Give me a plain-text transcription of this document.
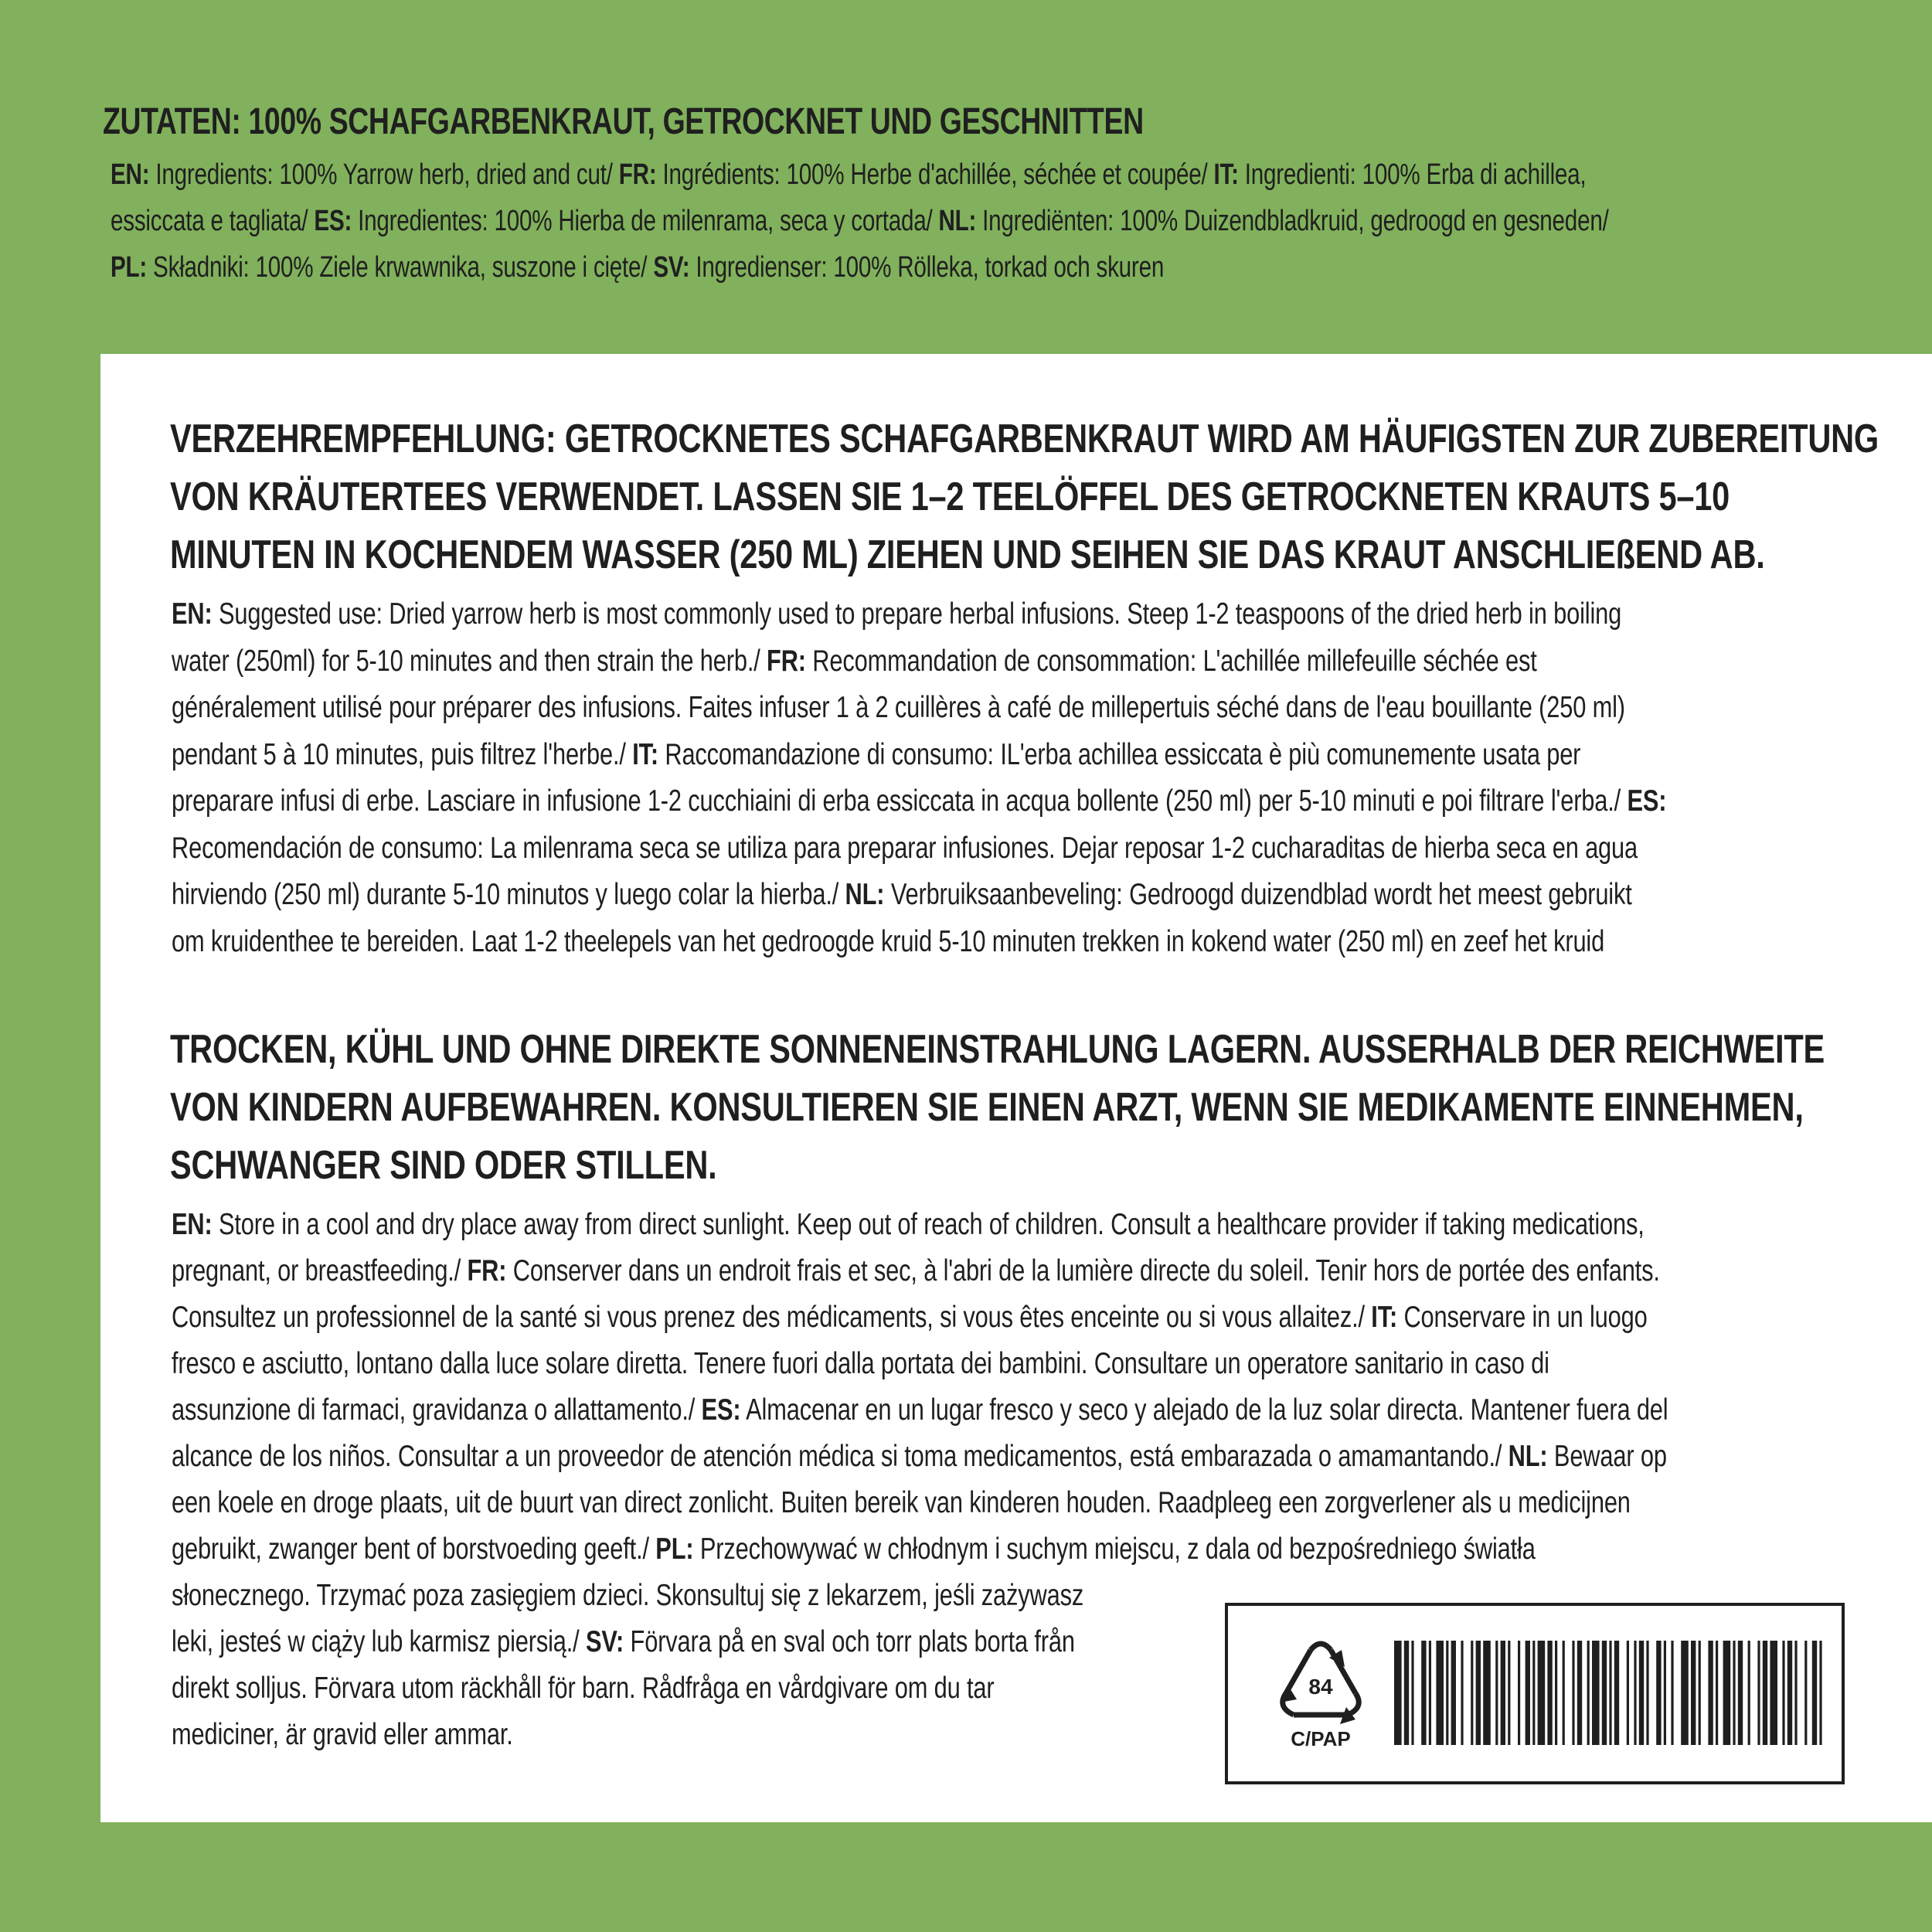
ZUTATEN: 100% SCHAFGARBENKRAUT, GETROCKNET UND GESCHNITTEN
EN: Ingredients: 100% Yarrow herb, dried and cut/ FR: Ingrédients: 100% Herbe d'achillée, séchée et coupée/ IT: Ingredienti: 100% Erba di achillea,
essiccata e tagliata/ ES: Ingredientes: 100% Hierba de milenrama, seca y cortada/ NL: Ingrediënten: 100% Duizendbladkruid, gedroogd en gesneden/
PL: Składniki: 100% Ziele krwawnika, suszone i cięte/ SV: Ingredienser: 100% Rölleka, torkad och skuren
VERZEHREMPFEHLUNG: GETROCKNETES SCHAFGARBENKRAUT WIRD AM HÄUFIGSTEN ZUR ZUBEREITUNG
VON KRÄUTERTEES VERWENDET. LASSEN SIE 1–2 TEELÖFFEL DES GETROCKNETEN KRAUTS 5–10
MINUTEN IN KOCHENDEM WASSER (250 ML) ZIEHEN UND SEIHEN SIE DAS KRAUT ANSCHLIEßEND AB.
EN: Suggested use: Dried yarrow herb is most commonly used to prepare herbal infusions. Steep 1-2 teaspoons of the dried herb in boiling
water (250ml) for 5-10 minutes and then strain the herb./ FR: Recommandation de consommation: L'achillée millefeuille séchée est
généralement utilisé pour préparer des infusions. Faites infuser 1 à 2 cuillères à café de millepertuis séché dans de l'eau bouillante (250 ml)
pendant 5 à 10 minutes, puis filtrez l'herbe./ IT: Raccomandazione di consumo: IL'erba achillea essiccata è più comunemente usata per
preparare infusi di erbe. Lasciare in infusione 1-2 cucchiaini di erba essiccata in acqua bollente (250 ml) per 5-10 minuti e poi filtrare l'erba./ ES:
Recomendación de consumo: La milenrama seca se utiliza para preparar infusiones. Dejar reposar 1-2 cucharaditas de hierba seca en agua
hirviendo (250 ml) durante 5-10 minutos y luego colar la hierba./ NL: Verbruiksaanbeveling: Gedroogd duizendblad wordt het meest gebruikt
om kruidenthee te bereiden. Laat 1-2 theelepels van het gedroogde kruid 5-10 minuten trekken in kokend water (250 ml) en zeef het kruid
TROCKEN, KÜHL UND OHNE DIREKTE SONNENEINSTRAHLUNG LAGERN. AUSSERHALB DER REICHWEITE
VON KINDERN AUFBEWAHREN. KONSULTIEREN SIE EINEN ARZT, WENN SIE MEDIKAMENTE EINNEHMEN,
SCHWANGER SIND ODER STILLEN.
EN: Store in a cool and dry place away from direct sunlight. Keep out of reach of children. Consult a healthcare provider if taking medications,
pregnant, or breastfeeding./ FR: Conserver dans un endroit frais et sec, à l'abri de la lumière directe du soleil. Tenir hors de portée des enfants.
Consultez un professionnel de la santé si vous prenez des médicaments, si vous êtes enceinte ou si vous allaitez./ IT: Conservare in un luogo
fresco e asciutto, lontano dalla luce solare diretta. Tenere fuori dalla portata dei bambini. Consultare un operatore sanitario in caso di
assunzione di farmaci, gravidanza o allattamento./ ES: Almacenar en un lugar fresco y seco y alejado de la luz solar directa. Mantener fuera del
alcance de los niños. Consultar a un proveedor de atención médica si toma medicamentos, está embarazada o amamantando./ NL: Bewaar op
een koele en droge plaats, uit de buurt van direct zonlicht. Buiten bereik van kinderen houden. Raadpleeg een zorgverlener als u medicijnen
gebruikt, zwanger bent of borstvoeding geeft./ PL: Przechowywać w chłodnym i suchym miejscu, z dala od bezpośredniego światła
słonecznego. Trzymać poza zasięgiem dzieci. Skonsultuj się z lekarzem, jeśli zażywasz
leki, jesteś w ciąży lub karmisz piersią./ SV: Förvara på en sval och torr plats borta från
direkt solljus. Förvara utom räckhåll för barn. Rådfråga en vårdgivare om du tar
mediciner, är gravid eller ammar.
84
C/PAP
